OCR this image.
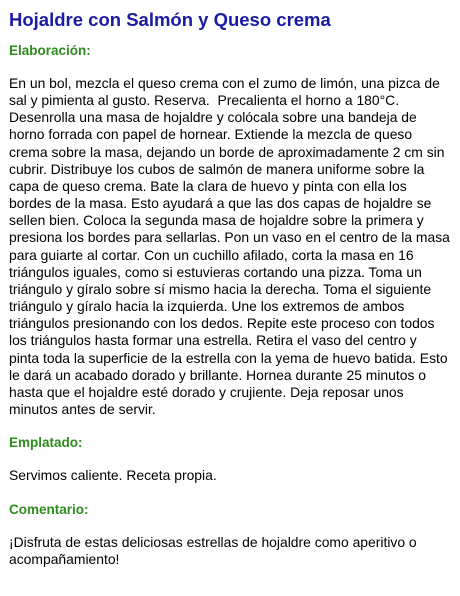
Hojaldre con Salmón y Queso crema
Elaboración:

En un bol, mezcla el queso crema con el zumo de limón, una pizca de sal y pimienta al gusto. Reserva.  Precalienta el horno a 180°C. Desenrolla una masa de hojaldre y colócala sobre una bandeja de horno forrada con papel de hornear. Extiende la mezcla de queso crema sobre la masa, dejando un borde de aproximadamente 2 cm sin cubrir. Distribuye los cubos de salmón de manera uniforme sobre la capa de queso crema. Bate la clara de huevo y pinta con ella los bordes de la masa. Esto ayudará a que las dos capas de hojaldre se sellen bien. Coloca la segunda masa de hojaldre sobre la primera y presiona los bordes para sellarlas. Pon un vaso en el centro de la masa para guiarte al cortar. Con un cuchillo afilado, corta la masa en 16 triángulos iguales, como si estuvieras cortando una pizza. Toma un triángulo y gíralo sobre sí mismo hacia la derecha. Toma el siguiente triángulo y gíralo hacia la izquierda. Une los extremos de ambos triángulos presionando con los dedos. Repite este proceso con todos los triángulos hasta formar una estrella. Retira el vaso del centro y pinta toda la superficie de la estrella con la yema de huevo batida. Esto le dará un acabado dorado y brillante. Hornea durante 25 minutos o hasta que el hojaldre esté dorado y crujiente. Deja reposar unos minutos antes de servir.

Emplatado:

Servimos caliente. Receta propia.

Comentario:

¡Disfruta de estas deliciosas estrellas de hojaldre como aperitivo o acompañamiento!
